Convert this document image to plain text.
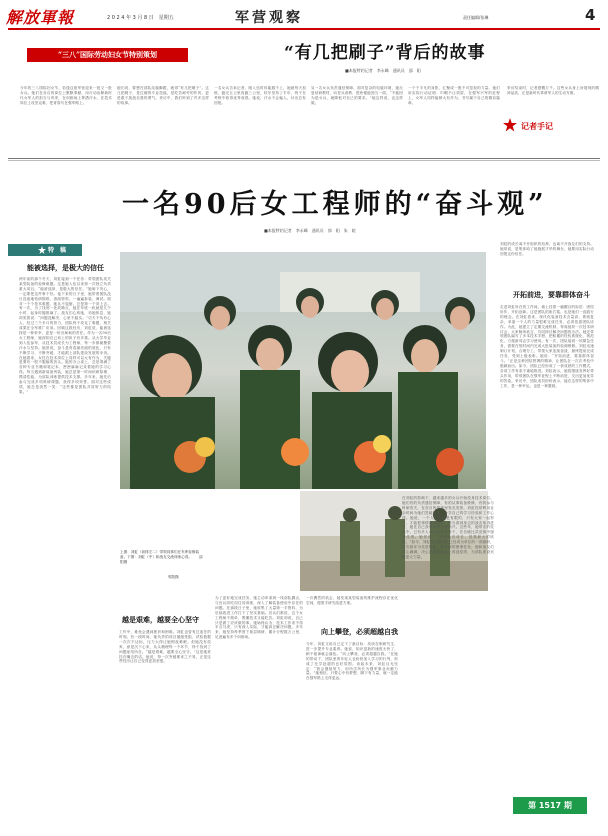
解放軍報	2 0 2 4 年 3 月 8 日　星期五	军营观察	责任编辑/张琳	4
“三八”国际劳动妇女节特别策划	“有几把刷子”背后的故事
■本报特约记者　李永峰　通讯员　邵　阳
今年的三八国际妇女节，恰逢这座军营迎来一批又一批女兵。她们在各自的岗位上默默奉献，用行动诠释新时代女军人的担当与风采，在训练场上挥洒汗水，在技术岗位上攻坚克难，把青春写在强军路上。
她们说，要想在部队站稳脚跟，就得“有几把刷子”。这几把刷子，是过硬的专业技能，是吃苦耐劳的作风，更是敢于挑战自我的勇气。采访中，我们听到了许多这样的故事。
一名女兵告诉记者，刚入伍时体能跟不上，她就每天加练，跑完五公里再跑三公里，咬牙坚持了半年，终于在考核中取得优秀成绩。她说，汗水不会骗人，付出总有回报。
另一名女兵负责通信保障，面对复杂的电磁环境，她反复钻研教材，向老兵请教，很快便能独当一面。“不能因为是女兵，就降低对自己的要求。”她这样说，也这样做。
一个个平凡的身影，汇聚成一股不可忽视的力量。她们用实际行动证明：巾帼不让须眉，在强军兴军的征程上，女军人同样能够大有作为，书写属于自己的精彩篇章。
采访结束时，记者感慨万千。这些女兵身上所展现的精神品质，正是新时代革命军人的生动写照。
记者手记
一名90后女工程师的“奋斗观”
■本报特约记者　李永峰　通讯员　郭　阳　朱　皖
特　稿
能被选择，是极大的信任
两年前的那个冬天，刘虹接到一个任务：带领团队攻关某型装备的检修难题。这是她入伍以来第一次独立负责重大项目。“能被选择，是极大的信任。”她暗下决心，一定要把这件事干好。接下来的日子里，她带着团队没日没夜地钻研图纸、查阅资料，一遍遍拆装、调试。面对一个个技术难题，她从不退缩，总是第一个冲上去。有一次，为了找到一处故障点，她在车底一趴就是几个小时，起身时腿都麻了。战友们心疼她，劝她休息，她却笑着说：“问题没解决，心里不踏实。”功夫不负有心人，经过三个多月的努力，团队终于攻克了难题，相关成果在全军推广应用。回顾这段经历，刘虹说，能被选择是一种荣幸，更是一份沉甸甸的责任。作为一名90后女工程师，她深知自己肩上的担子有多重。从大学毕业到入伍参军，从技术员成长为工程师，每一步都凝聚着汗水与坚持。她常说，奋斗是青春最亮丽的底色，只有不断学习、不断突破，才能跟上部队建设发展的步伐。在她看来，女性在技术岗位上同样可以大有作为，关键是要有一股不服输的劲头。她的办公桌上，总是堆满了各种专业书籍和笔记本，密密麻麻记录着她的学习心得。每当遇到新装备列装，她总是第一时间钻研原理、摸清性能，为部队训练提供技术支撑。多年来，她先后参与完成多项科研课题，获得多项荣誉。面对这些成绩，她总是淡然一笑：“这些都是团队共同努力的结果。”
上图：刘虹（前排左二）带领同事们在车库检修装备。下图：刘虹（中）和战友交流训练心得。　　邵阳摄
郭阳摄
越是艰难，越要全心坚守
工作中，难免会遇到挫折和困难。刘虹也曾有过迷茫的时刻。有一段时间，她负责的项目屡屡受阻，试验数据一次次不达标，压力大得让她彻夜难眠。但她没有放弃，而是沉下心来，从头梳理每一个环节，终于找到了问题症结所在。“越是艰难，越要全心坚守。”这是她常挂在嘴边的话。她说，每一次突破都来之不易，正是这些经历让自己变得更加坚强。
为了更好地完成任务，她主动申请到一线部队蹲点，与官兵同吃同住同训练，深入了解装备使用中存在的问题。在那段日子里，她收集了大量第一手资料，为后续改进工作打下了坚实基础。官兵们都说，这个女工程师不简单，既懂技术又能吃苦。刘虹却说，自己只是做了应该做的事。她始终认为，技术工作来不得半点马虎，只有深入实际，才能真正解决问题。多年来，她坚持每季度下基层调研，累计行程数万公里，足迹遍布多个训练场。
一次偶然的机会，她发现某型装备的维护流程存在优化空间，便着手研究改进方案。
向上攀登，必须超越自我
今年，刘虹又给自己定下了新目标：攻读在职研究生，进一步提升专业素养。她说，知识更新的速度太快了，稍不留神就会落伍。“向上攀登，必须超越自我。”在她的带动下，团队里的年轻人也纷纷加入学习的行列，形成了比学赶超的良好氛围。谈起未来，刘虹目光坚定：“我会继续努力，用所学所长为强军事业贡献力量。”她相信，只要心中有梦想、脚下有力量，就一定能在强军路上走得更远。
在刘虹的影响下，越来越多的女兵开始投身技术岗位。她们有的负责通信保障，有的从事装备维修，有的参与科研攻关，在各自的领域里发光发热。刘虹经常利用业余时间为她们答疑解惑，分享自己的学习经验和工作心得。她说，一个人的力量是有限的，只有大家一起努力，才能把事情做得更好。每当看到身边的战友取得进步，她比自己获得荣誉还要高兴。这些年，她带出的徒弟中，已有多人成长为技术骨干，在各级比武竞赛中屡获佳绩。她常说：“看到她们成长，是我最大的欣慰。”如今，刘虹所在的团队已经成为单位的一面旗帜，多次被评为先进集体。面对新的使命任务，她和战友们信心满满，决心在新的起点上再创佳绩，为部队建设贡献更大力量。
刘虹的成长离不开组织的培养，也离不开战友们的支持。她常说，是集体给了她施展才华的舞台，她要用实际行动回报这份信任。
开拓前进，要靠群体奋斗
走进刘虹所在的工作间，墙上挂着一幅醒目的标语：团结协作，开拓创新。这是团队的座右铭，也是她们一直践行的理念。在刘虹看来，现代化装备技术含量高、系统复杂，单靠一个人的力量很难完成任务，必须依靠团队协作。为此，她建立了定期交流机制，每周组织一次技术研讨会，大家畅所欲言，共同探讨解决问题的办法。她还带领团队编写了多本技术手册，把积累的经验系统化、规范化，方便新同志学习使用。有一次，团队接到一项紧急任务，需要在短时间内完成大批装备的检测维修。刘虹迅速制订计划，合理分工，带领大家连续奋战，最终提前完成任务，受到上级表彰。她说：“开拓前进，要靠群体奋斗。”正是这种团结拼搏的精神，让团队在一次次考验中脱颖而出。如今，团队已经形成了一套成熟的工作模式，各项工作有条不紊地推进。刘虹表示，她将继续发挥好带头作用，带领团队在强军征程上不断前进，交出更加优异的答卷。采访中，团队成员纷纷表示，能在这样的集体中工作，是一种幸运，也是一种激励。
第 1517 期
